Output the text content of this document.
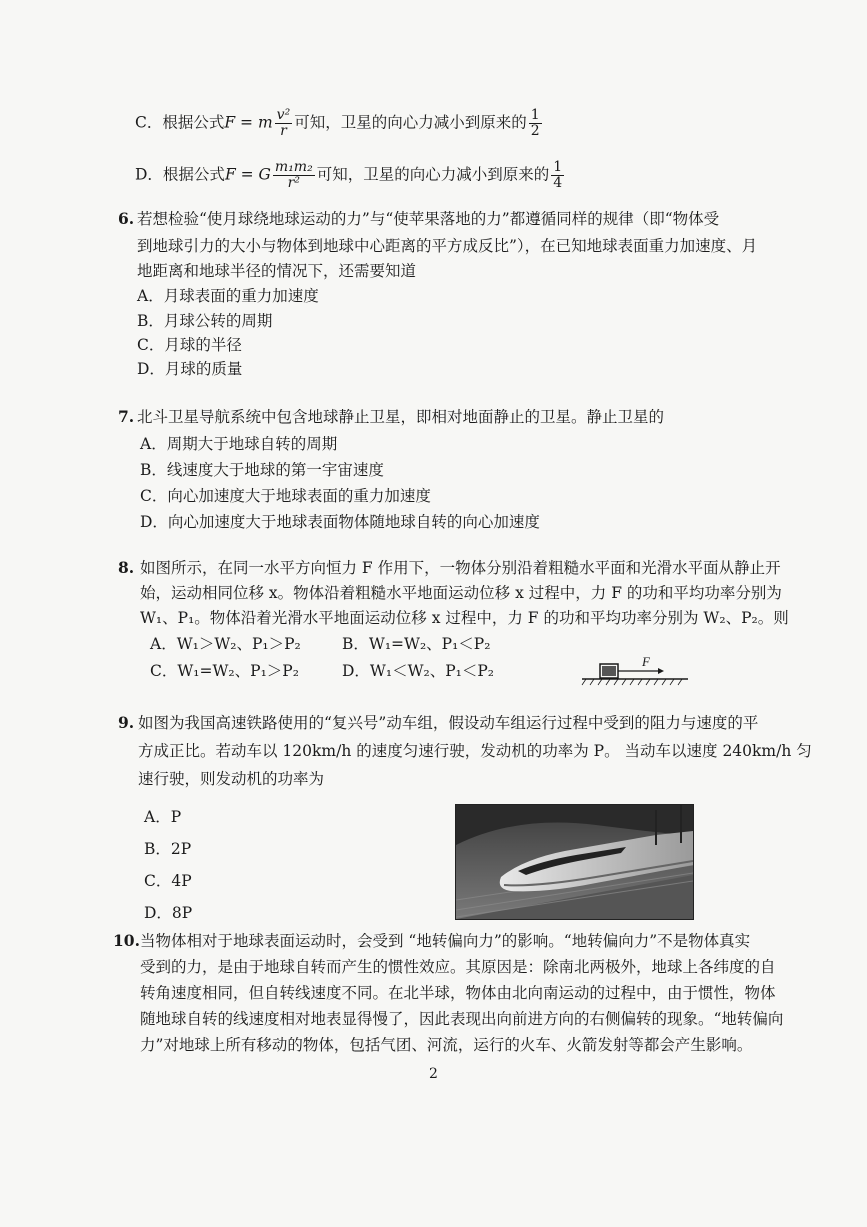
C．根据公式F = m $\frac{\text{v²}}{r}$ 可知，卫星的向心力减小到原来的 $\frac{1}{2}$
D．根据公式F = G $\frac{\text{m₁m₂}}{\text{r²}}$ 可知，卫星的向心力减小到原来的 $\frac{1}{4}$
6. 若想检验“使月球绕地球运动的力”与“使苹果落地的力”都遵循同样的规律（即“物体受
到地球引力的大小与物体到地球中心距离的平方成反比”），在已知地球表面重力加速度、月
地距离和地球半径的情况下，还需要知道
A．月球表面的重力加速度
B．月球公转的周期
C．月球的半径
D．月球的质量
7. 北斗卫星导航系统中包含地球静止卫星，即相对地面静止的卫星。静止卫星的
A．周期大于地球自转的周期
B．线速度大于地球的第一宇宙速度
C．向心加速度大于地球表面的重力加速度
D．向心加速度大于地球表面物体随地球自转的向心加速度
8. 如图所示，在同一水平方向恒力 F 作用下，一物体分别沿着粗糙水平面和光滑水平面从静止开
始，运动相同位移 x。物体沿着粗糙水平地面运动位移 x 过程中，力 F 的功和平均功率分别为
W₁、P₁。物体沿着光滑水平地面运动位移 x 过程中，力 F 的功和平均功率分别为 W₂、P₂。则
A．W₁＞W₂、P₁＞P₂	B．W₁=W₂、P₁＜P₂
C．W₁=W₂、P₁＞P₂	D．W₁＜W₂、P₁＜P₂
F
9. 如图为我国高速铁路使用的“复兴号”动车组，假设动车组运行过程中受到的阻力与速度的平
方成正比。若动车以 120km/h 的速度匀速行驶，发动机的功率为 P。 当动车以速度 240km/h 匀
速行驶，则发动机的功率为
A．P
B．2P
C．4P
D．8P
10. 当物体相对于地球表面运动时，会受到 “地转偏向力”的影响。“地转偏向力”不是物体真实
受到的力，是由于地球自转而产生的惯性效应。其原因是：除南北两极外，地球上各纬度的自
转角速度相同，但自转线速度不同。在北半球，物体由北向南运动的过程中，由于惯性，物体
随地球自转的线速度相对地表显得慢了，因此表现出向前进方向的右侧偏转的现象。“地转偏向
力”对地球上所有移动的物体，包括气团、河流，运行的火车、火箭发射等都会产生影响。
2
